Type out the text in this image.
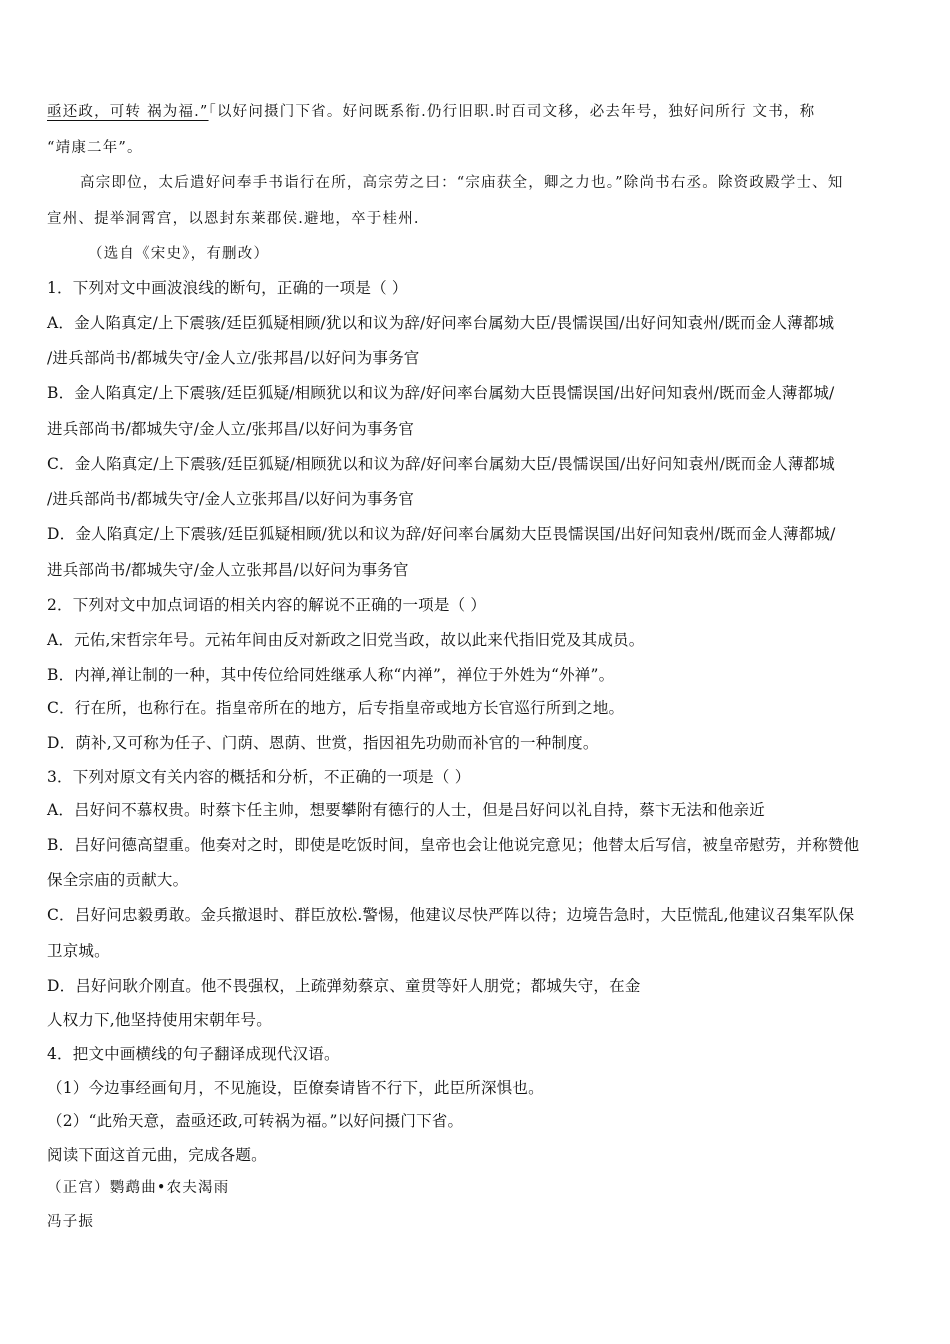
亟还政，可转 祸为福.”「以好问摄门下省。好问既系衔.仍行旧职.时百司文移，必去年号，独好问所行 文书，称
“靖康二年”。
高宗即位，太后遣好问奉手书诣行在所，高宗劳之曰：“宗庙获全，卿之力也。”除尚书右丞。除资政殿学士、知
宣州、提举洞霄宫，以恩封东莱郡侯.避地，卒于桂州.
（选自《宋史》，有删改）
1．下列对文中画波浪线的断句，正确的一项是（ ）
A．金人陷真定/上下震骇/廷臣狐疑相顾/犹以和议为辞/好问率台属劾大臣/畏懦误国/出好问知袁州/既而金人薄都城
/进兵部尚书/都城失守/金人立/张邦昌/以好问为事务官
B．金人陷真定/上下震骇/廷臣狐疑/相顾犹以和议为辞/好问率台属劾大臣畏懦误国/出好问知袁州/既而金人薄都城/
进兵部尚书/都城失守/金人立/张邦昌/以好问为事务官
C．金人陷真定/上下震骇/廷臣狐疑/相顾犹以和议为辞/好问率台属劾大臣/畏懦误国/出好问知袁州/既而金人薄都城
/进兵部尚书/都城失守/金人立张邦昌/以好问为事务官
D．金人陷真定/上下震骇/廷臣狐疑相顾/犹以和议为辞/好问率台属劾大臣畏懦误国/出好问知袁州/既而金人薄都城/
进兵部尚书/都城失守/金人立张邦昌/以好问为事务官
2．下列对文中加点词语的相关内容的解说不正确的一项是（ ）
A．元佑,宋哲宗年号。元祐年间由反对新政之旧党当政，故以此来代指旧党及其成员。
B．内禅,禅让制的一种，其中传位给同姓继承人称“内禅”，禅位于外姓为“外禅”。
C．行在所，也称行在。指皇帝所在的地方，后专指皇帝或地方长官巡行所到之地。
D．荫补,又可称为任子、门荫、恩荫、世赏，指因祖先功勋而补官的一种制度。
3．下列对原文有关内容的概括和分析，不正确的一项是（ ）
A．吕好问不慕权贵。时蔡卞任主帅，想要攀附有德行的人士，但是吕好问以礼自持，蔡卞无法和他亲近
B．吕好问德高望重。他奏对之时，即使是吃饭时间，皇帝也会让他说完意见；他替太后写信，被皇帝慰劳，并称赞他
保全宗庙的贡献大。
C．吕好问忠毅勇敢。金兵撤退时、群臣放松.警惕，他建议尽快严阵以待；边境告急时，大臣慌乱,他建议召集军队保
卫京城。
D．吕好问耿介刚直。他不畏强权，上疏弹劾蔡京、童贯等奸人朋党；都城失守，在金
人权力下,他坚持使用宋朝年号。
4．把文中画横线的句子翻译成现代汉语。
（1）今边事经画旬月，不见施设，臣僚奏请皆不行下，此臣所深惧也。
（2）“此殆天意，盍亟还政,可转祸为福。”以好问摄门下省。
阅读下面这首元曲，完成各题。
（正宫）鹦鹉曲•农夫渴雨
冯子振
